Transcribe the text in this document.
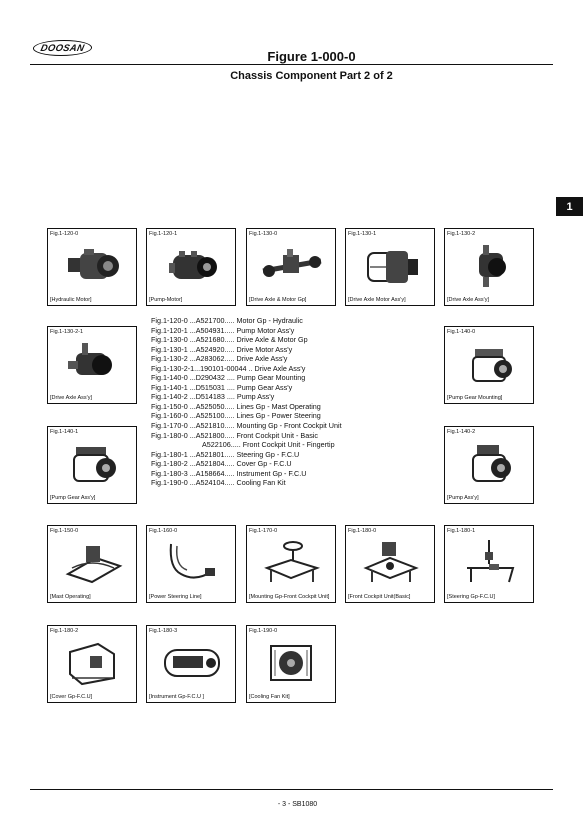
DOOSAN
Figure 1-000-0
Chassis Component Part 2 of 2
1
Fig.1-120-0
[Hydraulic Motor]
Fig.1-120-1
[Pump-Motor]
Fig.1-130-0
[Drive Axle & Motor Gp]
Fig.1-130-1
[Drive Axle Motor Ass'y]
Fig.1-130-2
[Drive Axle Ass'y]
Fig.1-130-2-1
[Drive Axle Ass'y]
Fig.1-140-0
[Pump Gear Mounting]
Fig.1-140-1
[Pump Gear Ass'y]
Fig.1-140-2
[Pump Ass'y]
Fig.1-150-0
[Mast Operating]
Fig.1-160-0
[Power Steering Line]
Fig.1-170-0
[Mounting Gp-Front Cockpit Unit]
Fig.1-180-0
[Front Cockpit Unit(Basic]
Fig.1-180-1
[Steering Gp-F.C.U]
Fig.1-180-2
[Cover Gp-F.C.U]
Fig.1-180-3
[Instrument Gp-F.C.U ]
Fig.1-190-0
[Cooling Fan Kit]
Fig.1-120-0 ...A521700..... Motor Gp - Hydraulic
Fig.1-120-1 ...A504931..... Pump Motor Ass'y
Fig.1-130-0 ...A521680..... Drive Axle & Motor Gp
Fig.1-130-1 ...A524920..... Drive Motor Ass'y
Fig.1-130-2 ...A283062..... Drive Axle Ass'y
Fig.1-130-2-1...190101-00044 .. Drive Axle Ass'y
Fig.1-140-0 ...D290432 .... Pump Gear Mounting
Fig.1-140-1 ...D515031 .... Pump Gear Ass'y
Fig.1-140-2 ...D514183 .... Pump Ass'y
Fig.1-150-0 ...A525050..... Lines Gp - Mast Operating
Fig.1-160-0 ...A525100..... Lines Gp - Power Steering
Fig.1-170-0 ...A521810..... Mounting Gp - Front Cockpit Unit
Fig.1-180-0 ...A521800..... Front Cockpit Unit - Basic
A522106..... Front Cockpit Unit - Fingertip
Fig.1-180-1 ...A521801..... Steering Gp - F.C.U
Fig.1-180-2 ...A521804..... Cover Gp - F.C.U
Fig.1-180-3 ...A158664..... Instrument Gp - F.C.U
Fig.1-190-0 ...A524104..... Cooling Fan Kit
- 3 - SB1080
